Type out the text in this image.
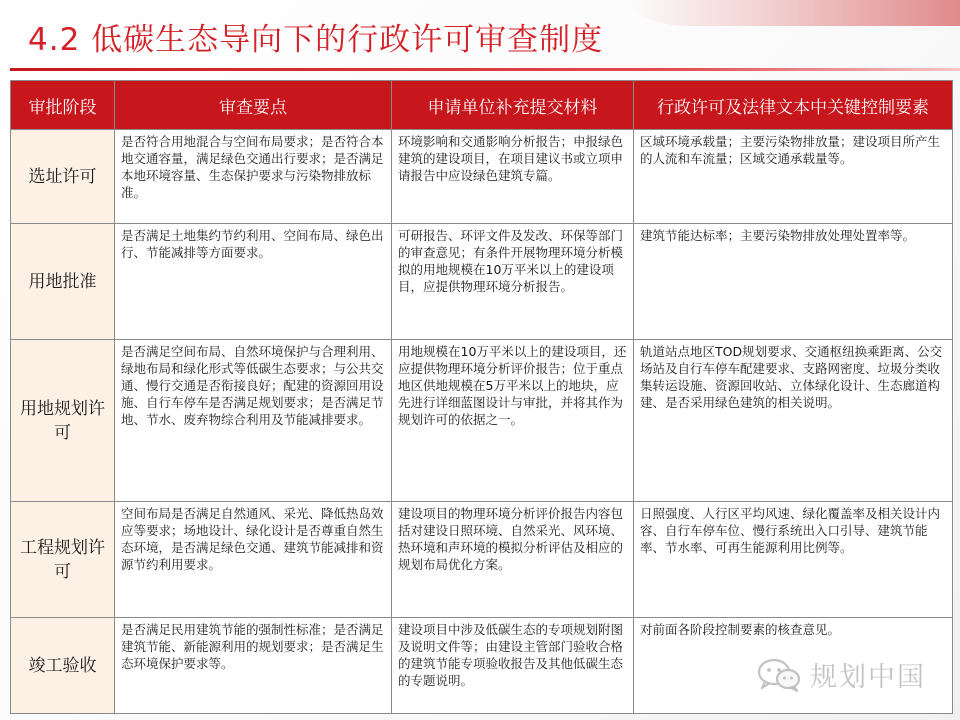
4.2 低碳生态导向下的行政许可审查制度
审批阶段	审查要点	申请单位补充提交材料	行政许可及法律文本中关键控制要素
选址许可	是否符合用地混合与空间布局要求；是否符合本地交通容量，满足绿色交通出行要求；是否满足本地环境容量、生态保护要求与污染物排放标准。	环境影响和交通影响分析报告；申报绿色建筑的建设项目，在项目建议书或立项申请报告中应设绿色建筑专篇。	区域环境承载量；主要污染物排放量；建设项目所产生的人流和车流量；区域交通承载量等。
用地批准	是否满足土地集约节约利用、空间布局、绿色出行、节能减排等方面要求。	可研报告、环评文件及发改、环保等部门的审查意见；有条件开展物理环境分析模拟的用地规模在10万平米以上的建设项目，应提供物理环境分析报告。	建筑节能达标率；主要污染物排放处理处置率等。
用地规划许可	是否满足空间布局、自然环境保护与合理利用、绿地布局和绿化形式等低碳生态要求；与公共交通、慢行交通是否衔接良好；配建的资源回用设施、自行车停车是否满足规划要求；是否满足节地、节水、废弃物综合利用及节能减排要求。	用地规模在10万平米以上的建设项目，还应提供物理环境分析评价报告；位于重点地区供地规模在5万平米以上的地块，应先进行详细蓝图设计与审批，并将其作为规划许可的依据之一。	轨道站点地区TOD规划要求、交通枢纽换乘距离、公交场站及自行车停车配建要求、支路网密度、垃圾分类收集转运设施、资源回收站、立体绿化设计、生态廊道构建、是否采用绿色建筑的相关说明。
工程规划许可	空间布局是否满足自然通风、采光、降低热岛效应等要求；场地设计、绿化设计是否尊重自然生态环境，是否满足绿色交通、建筑节能减排和资源节约利用要求。	建设项目的物理环境分析评价报告内容包括对建设日照环境、自然采光、风环境、热环境和声环境的模拟分析评估及相应的规划布局优化方案。	日照强度、人行区平均风速、绿化覆盖率及相关设计内容、自行车停车位、慢行系统出入口引导、建筑节能率、节水率、可再生能源利用比例等。
竣工验收	是否满足民用建筑节能的强制性标准；是否满足建筑节能、新能源利用的规划要求；是否满足生态环境保护要求等。	建设项目中涉及低碳生态的专项规划附图及说明文件等；由建设主管部门验收合格的建筑节能专项验收报告及其他低碳生态的专题说明。	对前面各阶段控制要素的核查意见。
规划中国
